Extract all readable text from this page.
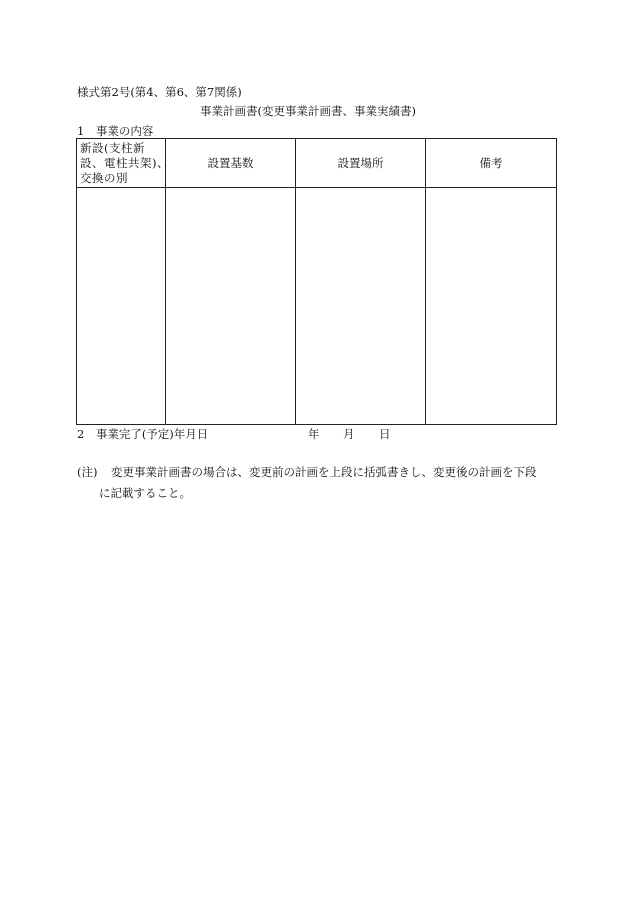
様式第2号(第4、第6、第7関係)
事業計画書(変更事業計画書、事業実績書)
1　事業の内容
新設(支柱新
設、電柱共架)、
交換の別	設置基数	設置場所	備考

2　事業完了(予定)年月日	年 月 日
(注) 変更事業計画書の場合は、変更前の計画を上段に括弧書きし、変更後の計画を下段
に記載すること。
